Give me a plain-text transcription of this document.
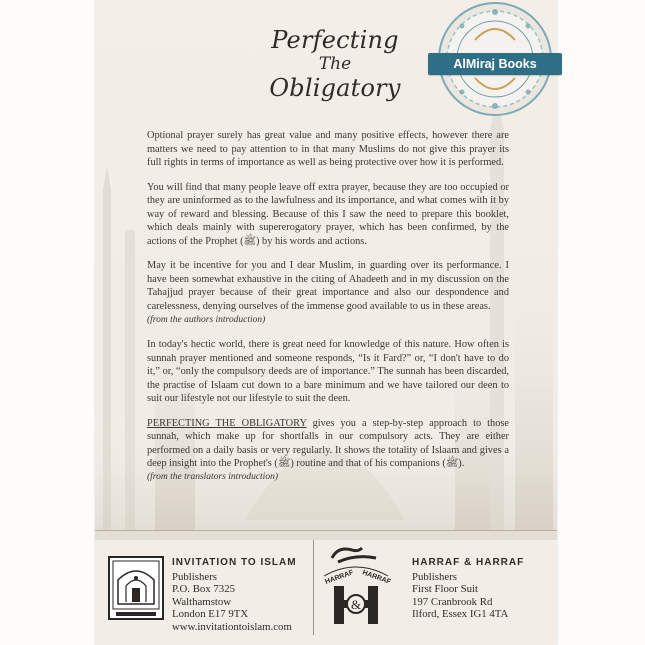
Perfecting
The
Obligatory

Optional prayer surely has great value and many positive effects, however there are matters we need to pay attention to in that many Muslims do not give this prayer its full rights in terms of importance as well as being protective over how it is performed.

You will find that many people leave off extra prayer, because they are too occupied or they are uninformed as to the lawfulness and its importance, and what comes with it by way of reward and blessing. Because of this I saw the need to prepare this booklet, which deals mainly with supererogatory prayer, which has been confirmed, by the actions of the Prophet (ﷺ) by his words and actions.

May it be incentive for you and I dear Muslim, in guarding over its performance. I have been somewhat exhaustive in the citing of Ahadeeth and in my discussion on the Tahajjud prayer because of their great importance and also our despondence and carelessness, denying ourselves of the immense good available to us in these areas.

(from the authors introduction)

In today's hectic world, there is great need for knowledge of this nature. How often is sunnah prayer mentioned and someone responds, “Is it Fard?” or, “I don't have to do it,” or, “only the compulsory deeds are of importance.” The sunnah has been discarded, the practise of Islaam cut down to a bare minimum and we have tailored our deen to suit our lifestyle not our lifestyle to suit the deen.

PERFECTING THE OBLIGATORY gives you a step-by-step approach to those sunnah, which make up for shortfalls in our compulsory acts. They are either performed on a daily basis or very regularly. It shows the totality of Islaam and gives a deep insight into the Prophet's (ﷺ) routine and that of his companions (ﷺ).

(from the translators introduction)
AlMiraj Books
INVITATION TO ISLAM
Publishers
P.O. Box 7325
Walthamstow
London E17 9TX
www.invitationtoislam.com
HARRAF HARRAF
&
HARRAF & HARRAF
Publishers
First Floor Suit
197 Cranbrook Rd
Ilford, Essex IG1 4TA
